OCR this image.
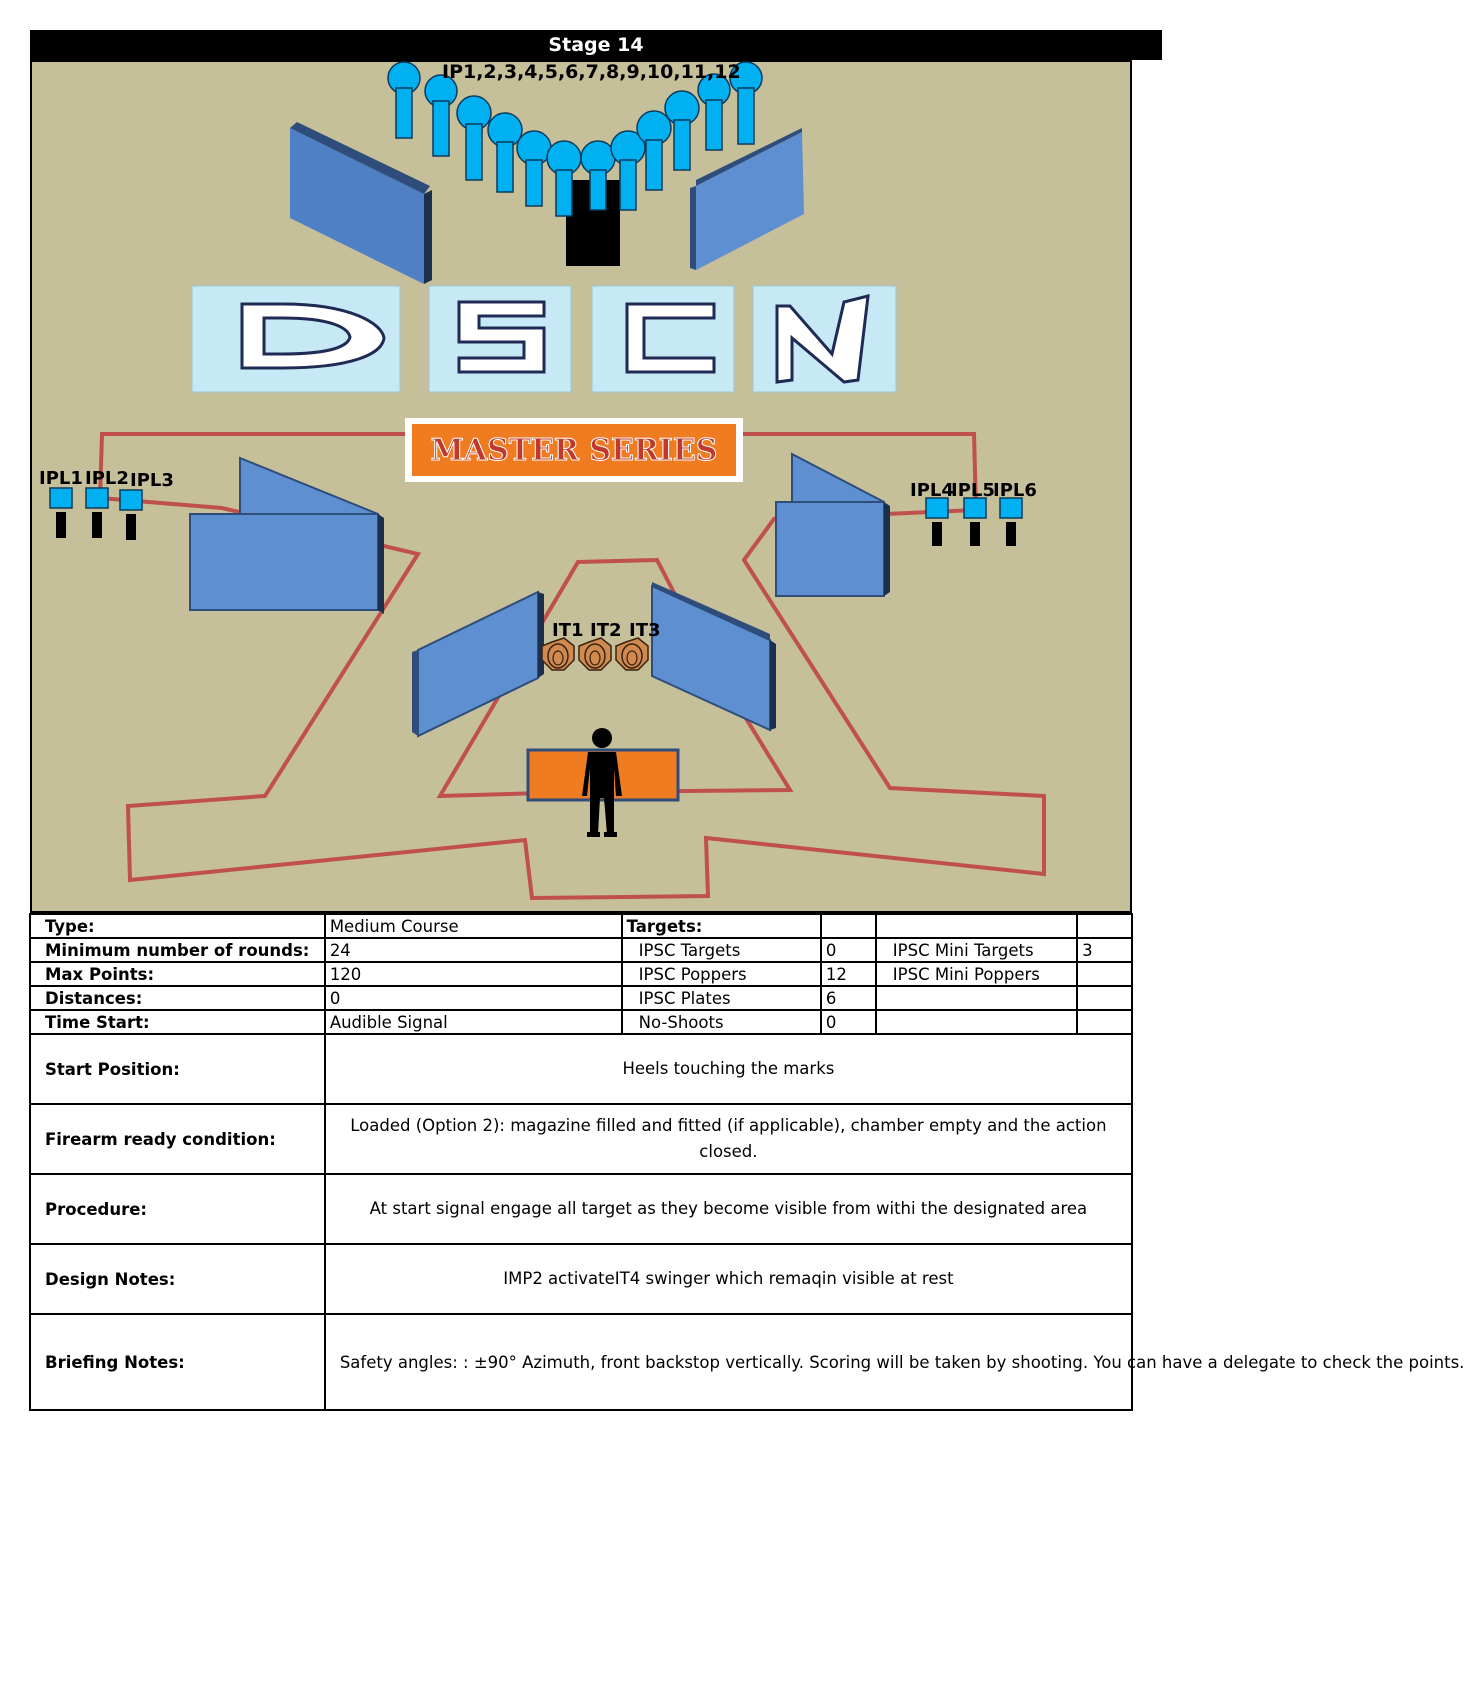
Stage 14
IP1,2,3,4,5,6,7,8,9,10,11,12
MASTER SERIES
IPL1 IPL2 IPL3	IPL4
IPL5
IPL6
IT1 IT2 IT3
Type:	Medium Course	Targets:			
Minimum number of rounds:	24	IPSC Targets	0	IPSC Mini Targets	3
Max Points:	120	IPSC Poppers	12	IPSC Mini Poppers	
Distances:	0	IPSC Plates	6		
Time Start:	Audible Signal	No-Shoots	0		
Start Position:	Heels touching the marks				
Firearm ready condition:	Loaded (Option 2): magazine filled and fitted (if applicable), chamber empty and the action closed.				
Procedure:	At start signal engage all target as they become visible from withi the designated area				
Design Notes:	IMP2 activateIT4 swinger which remaqin visible at rest				
Briefing Notes:	Safety angles: : ±90° Azimuth, front backstop vertically. Scoring will be taken by shooting. You can have a delegate to check the points.				
